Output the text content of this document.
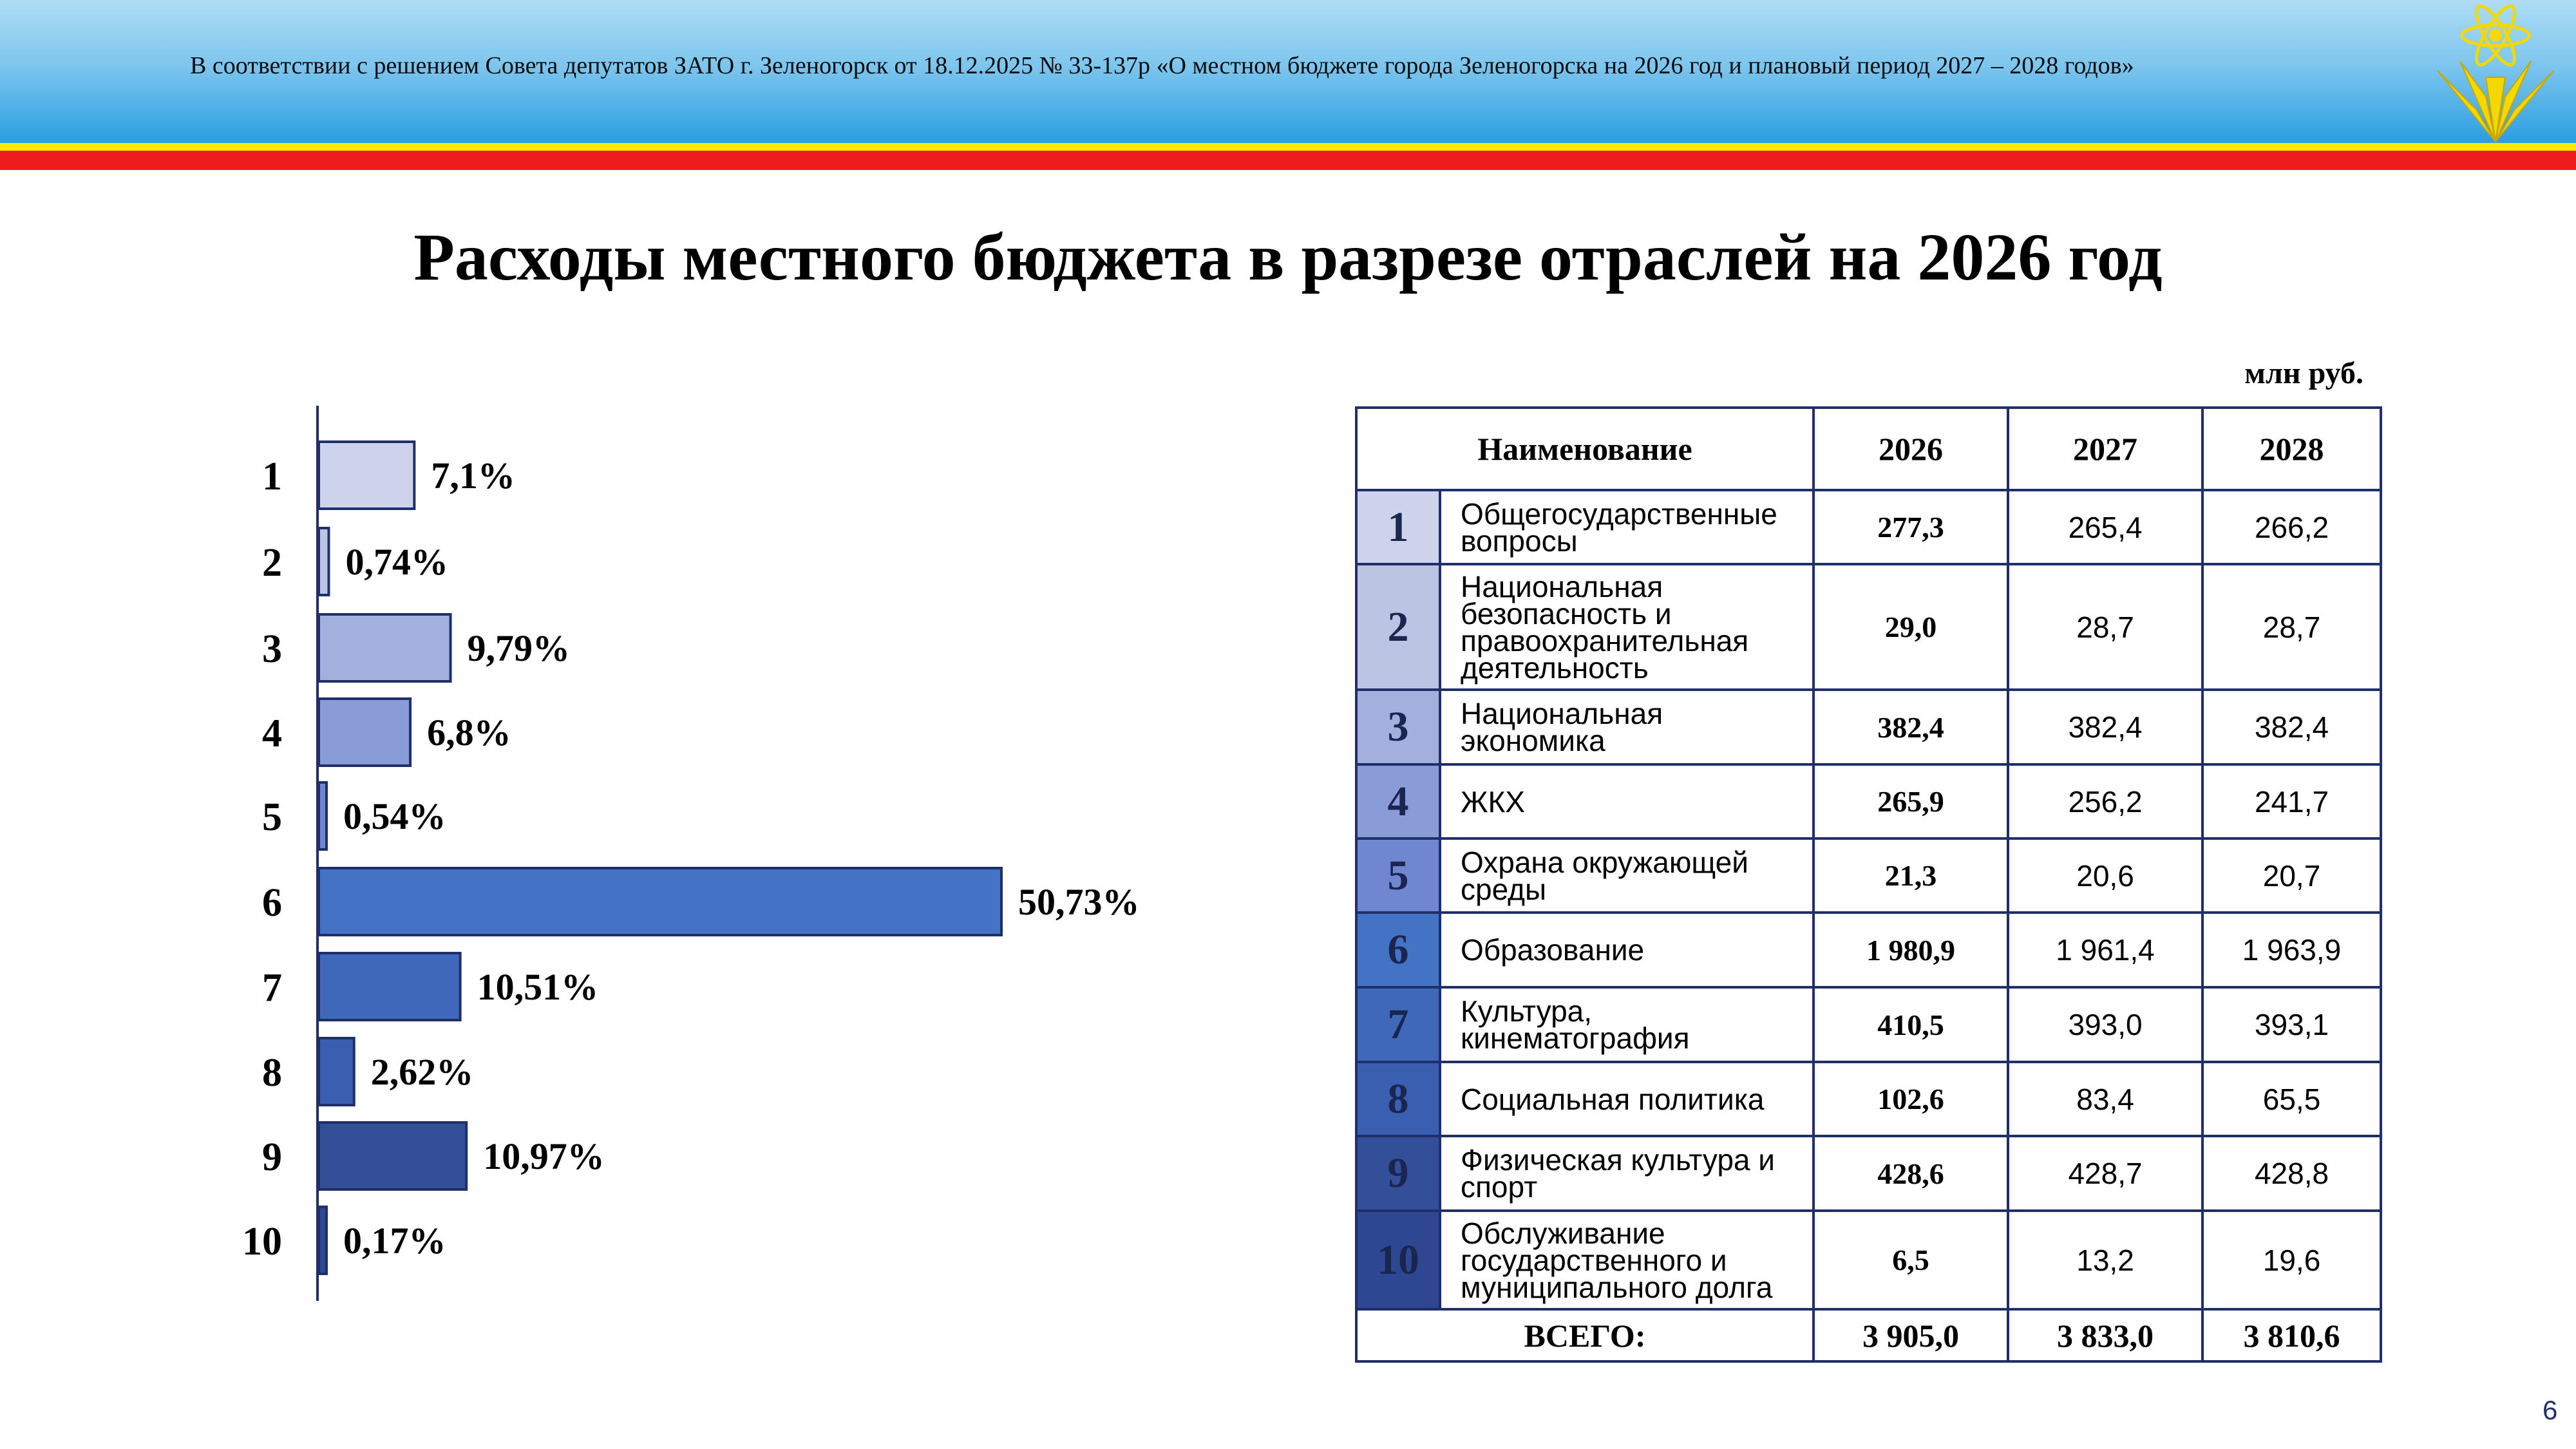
В соответствии с решением Совета депутатов ЗАТО г. Зеленогорск от 18.12.2025 № 33-137р «О местном бюджете города Зеленогорска на 2026 год и плановый период 2027 – 2028 годов»
Расходы местного бюджета в разрезе отраслей на 2026 год
1	7,1%
2 0,74%
3	9,79%
4	6,8%
5 0,54%
6	50,73%
7	10,51%
8 2,62%
9	10,97%
10 0,17%
млн руб.
Наименование		2026	2027	2028
1	Общегосударственные вопросы	277,3	265,4	266,2
2	Национальная безопасность и правоохранительная деятельность	29,0	28,7	28,7
3	Национальная экономика	382,4	382,4	382,4
4	ЖКХ	265,9	256,2	241,7
5	Охрана окружающей среды	21,3	20,6	20,7
6	Образование	1 980,9	1 961,4	1 963,9
7	Культура, кинематография	410,5	393,0	393,1
8	Социальная политика	102,6	83,4	65,5
9	Физическая культура и спорт	428,6	428,7	428,8
10	Обслуживание государственного и муниципального долга	6,5	13,2	19,6
ВСЕГО:		3 905,0	3 833,0	3 810,6
6
